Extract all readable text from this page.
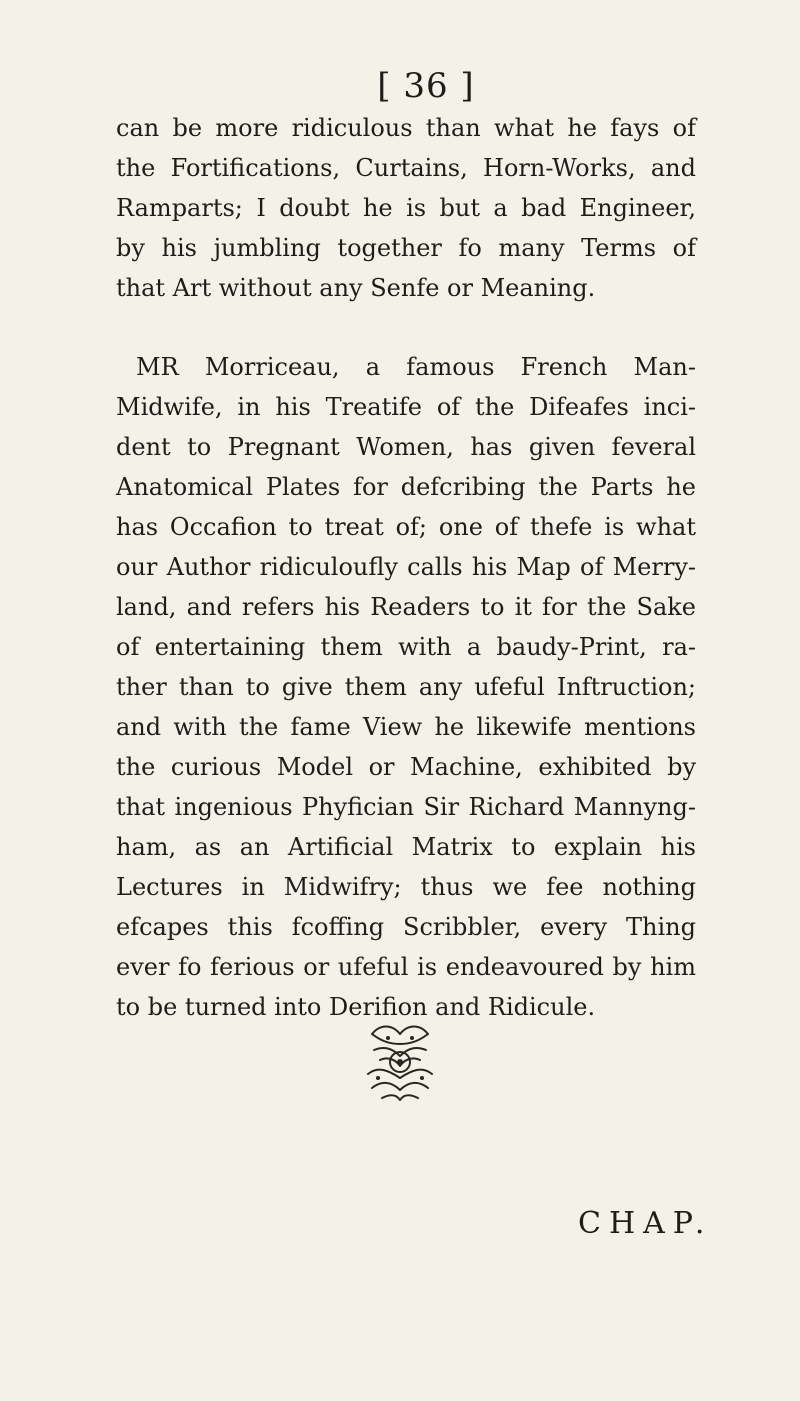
[ 36 ]
can be more ridiculous than what he fays of
the Fortifications, Curtains, Horn-Works, and
Ramparts; I doubt he is but a bad Engineer,
by his jumbling together fo many Terms of
that Art without any Senfe or Meaning.
MR Morriceau, a famous French Man-
Midwife, in his Treatife of the Difeafes inci-
dent to Pregnant Women, has given feveral
Anatomical Plates for defcribing the Parts he
has Occafion to treat of; one of thefe is what
our Author ridiculoufly calls his Map of Merry-
land, and refers his Readers to it for the Sake
of entertaining them with a baudy-Print, ra-
ther than to give them any ufeful Inftruction;
and with the fame View he likewife mentions
the curious Model or Machine, exhibited by
that ingenious Phyfician Sir Richard Mannyng-
ham, as an Artificial Matrix to explain his
Lectures in Midwifry; thus we fee nothing
efcapes this fcoffing Scribbler, every Thing
ever fo ferious or ufeful is endeavoured by him
to be turned into Derifion and Ridicule.
CHAP.
